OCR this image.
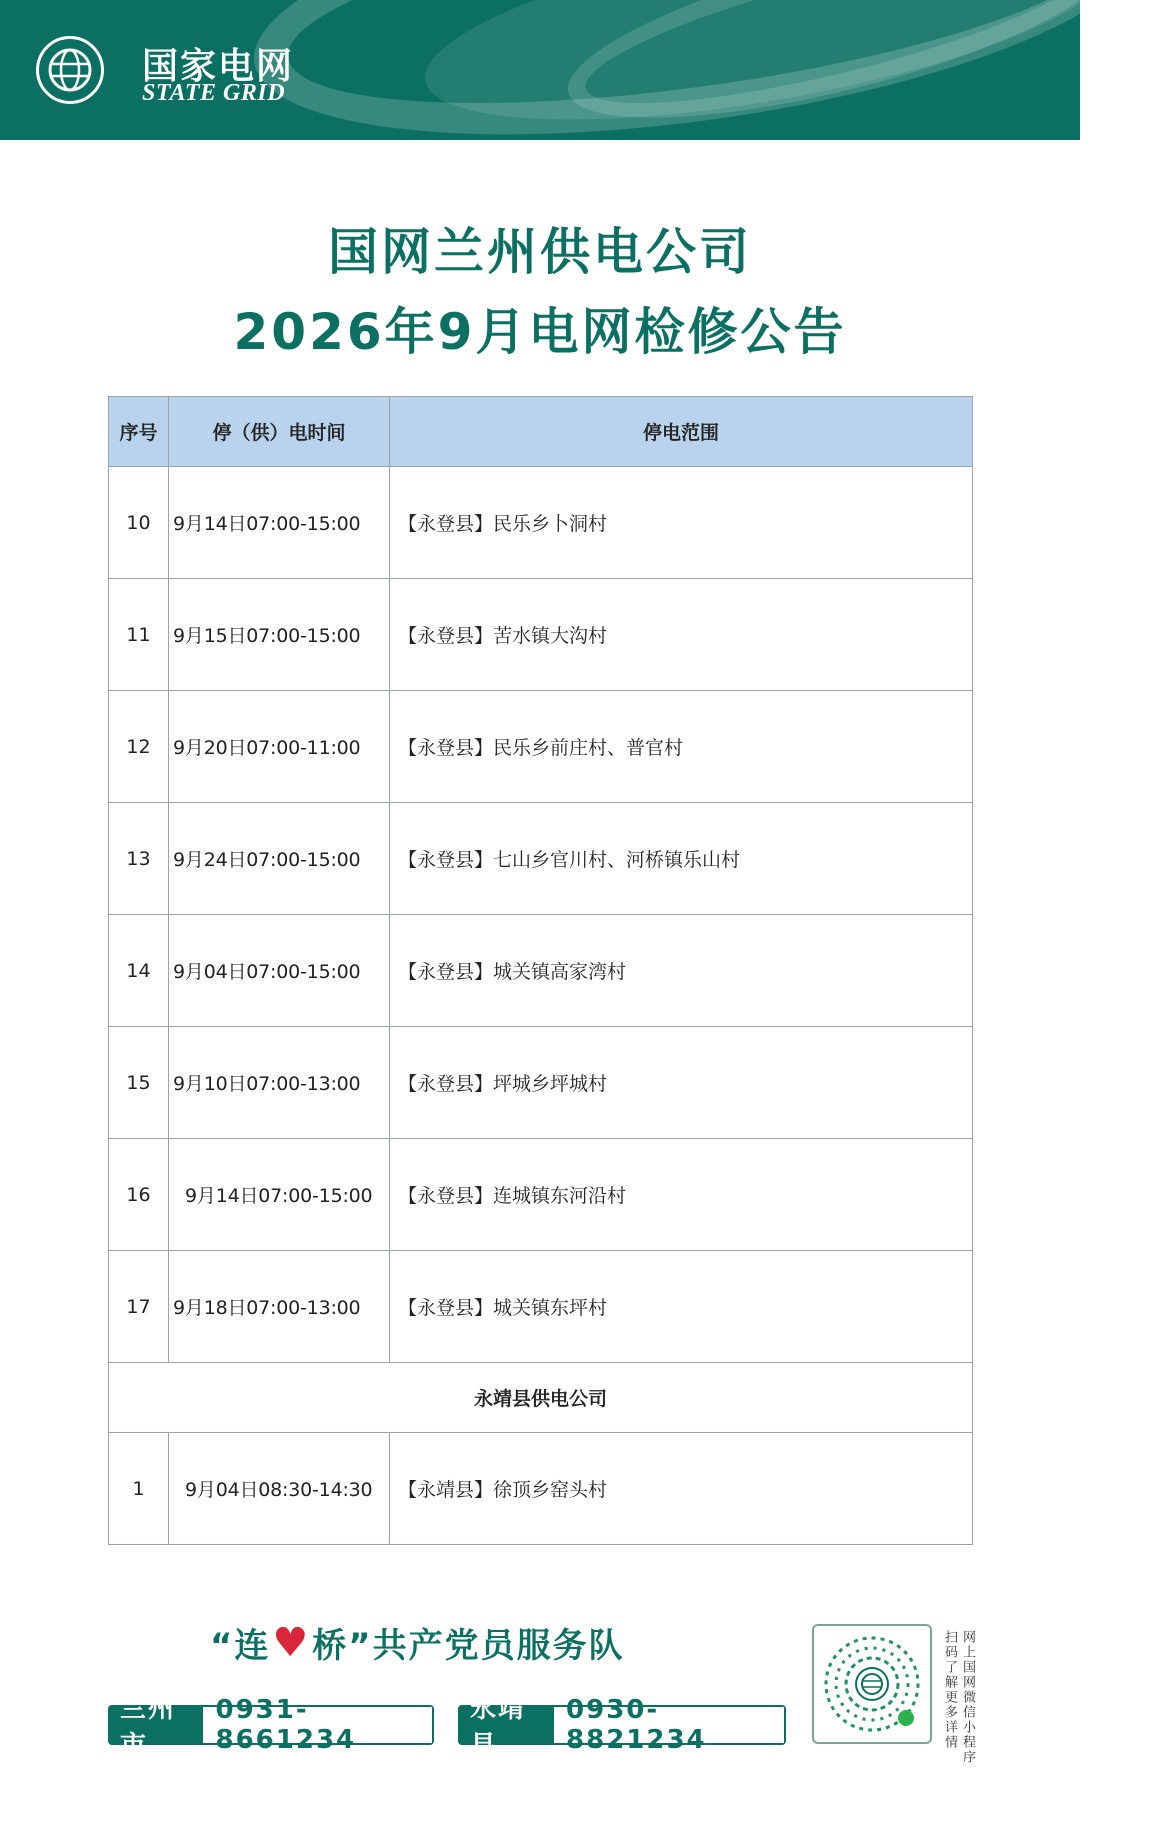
国家电网
STATE GRID
国网兰州供电公司
2026年9月电网检修公告
序号	停（供）电时间	停电范围
10	9月14日07:00-15:00	【永登县】民乐乡卜洞村
11	9月15日07:00-15:00	【永登县】苦水镇大沟村
12	9月20日07:00-11:00	【永登县】民乐乡前庄村、普官村
13	9月24日07:00-15:00	【永登县】七山乡官川村、河桥镇乐山村
14	9月04日07:00-15:00	【永登县】城关镇高家湾村
15	9月10日07:00-13:00	【永登县】坪城乡坪城村
16	9月14日07:00-15:00	【永登县】连城镇东河沿村
17	9月18日07:00-13:00	【永登县】城关镇东坪村
永靖县供电公司		
1	9月04日08:30-14:30	【永靖县】徐顶乡窑头村
“连 ♥ 桥”共产党员服务队
兰州市
0931-8661234
永靖县
0930-8821234	扫码了解更多详情 网上国网微信小程序
